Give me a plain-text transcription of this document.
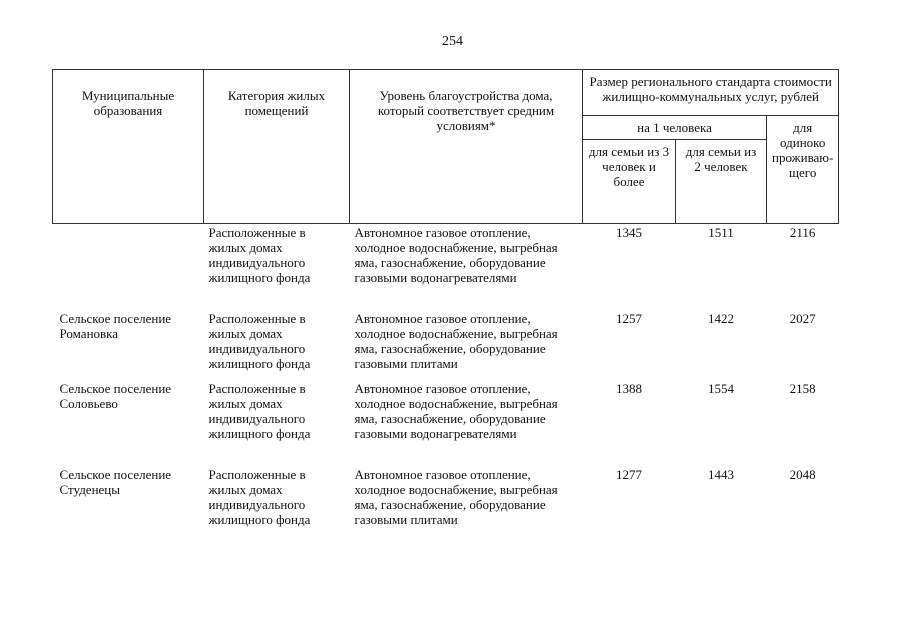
254
Муниципальные образования	Категория жилых помещений	Уровень благоустройства дома, который соответствует средним условиям*	Размер регионального стандарта стоимости жилищно-коммунальных услуг, рублей		
			на 1 человека		для одиноко проживаю-щего
			для семьи из 3 человек и более	для семьи из 2 человек	

	Расположенные в жилых домах индивидуального жилищного фонда	Автономное газовое отопление, холодное водоснабжение, выгребная яма, газоснабжение, оборудование газовыми водонагревателями	1345	1511	2116

Сельское поселение Романовка	Расположенные в жилых домах индивидуального жилищного фонда	Автономное газовое отопление, холодное водоснабжение, выгребная яма, газоснабжение, оборудование газовыми плитами	1257	1422	2027

Сельское поселение Соловьево	Расположенные в жилых домах индивидуального жилищного фонда	Автономное газовое отопление, холодное водоснабжение, выгребная яма, газоснабжение, оборудование газовыми водонагревателями	1388	1554	2158

Сельское поселение Студенецы	Расположенные в жилых домах индивидуального жилищного фонда	Автономное газовое отопление, холодное водоснабжение, выгребная яма, газоснабжение, оборудование газовыми плитами	1277	1443	2048
